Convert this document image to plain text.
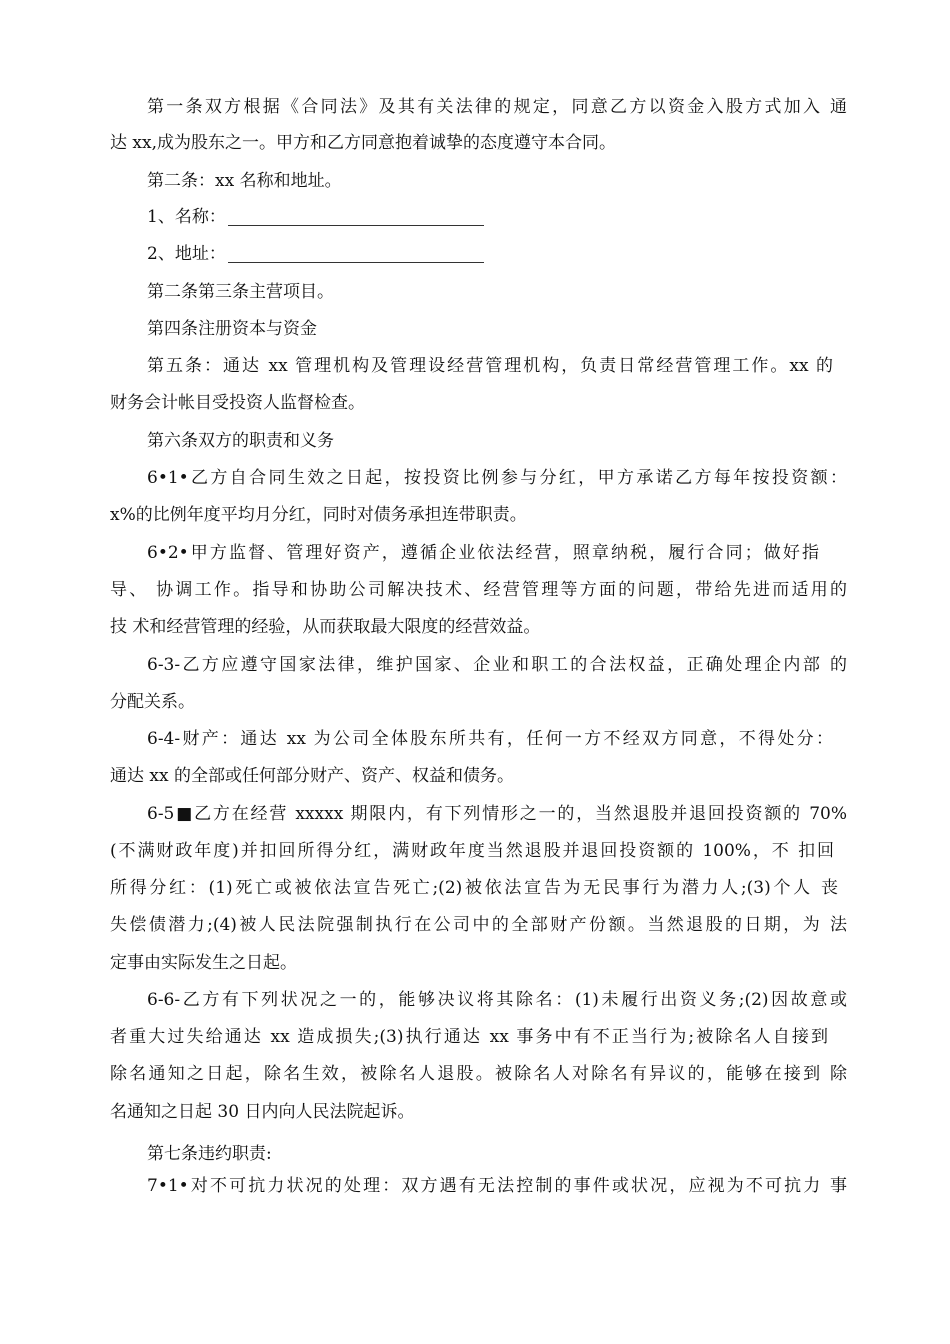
第一条双方根据《合同法》及其有关法律的规定，同意乙方以资金入股方式加入 通
达 xx,成为股东之一。甲方和乙方同意抱着诚挚的态度遵守本合同。
第二条：xx 名称和地址。
1、名称：
2、地址：
第二条第三条主营项目。
第四条注册资本与资金
第五条：通达 xx 管理机构及管理设经营管理机构，负责日常经营管理工作。xx 的
财务会计帐目受投资人监督检查。
第六条双方的职责和义务
6•1•乙方自合同生效之日起，按投资比例参与分红，甲方承诺乙方每年按投资额：
x%的比例年度平均月分红，同时对债务承担连带职责。
6•2•甲方监督、管理好资产，遵循企业依法经营，照章纳税，履行合同；做好指
导、 协调工作。指导和协助公司解决技术、经营管理等方面的问题，带给先进而适用的
技 术和经营管理的经验，从而获取最大限度的经营效益。
6-3-乙方应遵守国家法律，维护国家、企业和职工的合法权益，正确处理企内部 的
分配关系。
6-4-财产：通达 xx 为公司全体股东所共有，任何一方不经双方同意，不得处分：
通达 xx 的全部或任何部分财产、资产、权益和债务。
6-5■乙方在经营 xxxxx 期限内，有下列情形之一的，当然退股并退回投资额的 70%
(不满财政年度)并扣回所得分红，满财政年度当然退股并退回投资额的 100%，不 扣回
所得分红：(1)死亡或被依法宣告死亡;(2)被依法宣告为无民事行为潜力人;(3)个人 丧
失偿债潜力;(4)被人民法院强制执行在公司中的全部财产份额。当然退股的日期，为 法
定事由实际发生之日起。
6-6-乙方有下列状况之一的，能够决议将其除名：(1)未履行出资义务;(2)因故意或
者重大过失给通达 xx 造成损失;(3)执行通达 xx 事务中有不正当行为;被除名人自接到
除名通知之日起，除名生效，被除名人退股。被除名人对除名有异议的，能够在接到 除
名通知之日起 30 日内向人民法院起诉。
第七条违约职责:
7•1•对不可抗力状况的处理：双方遇有无法控制的事件或状况，应视为不可抗力 事
